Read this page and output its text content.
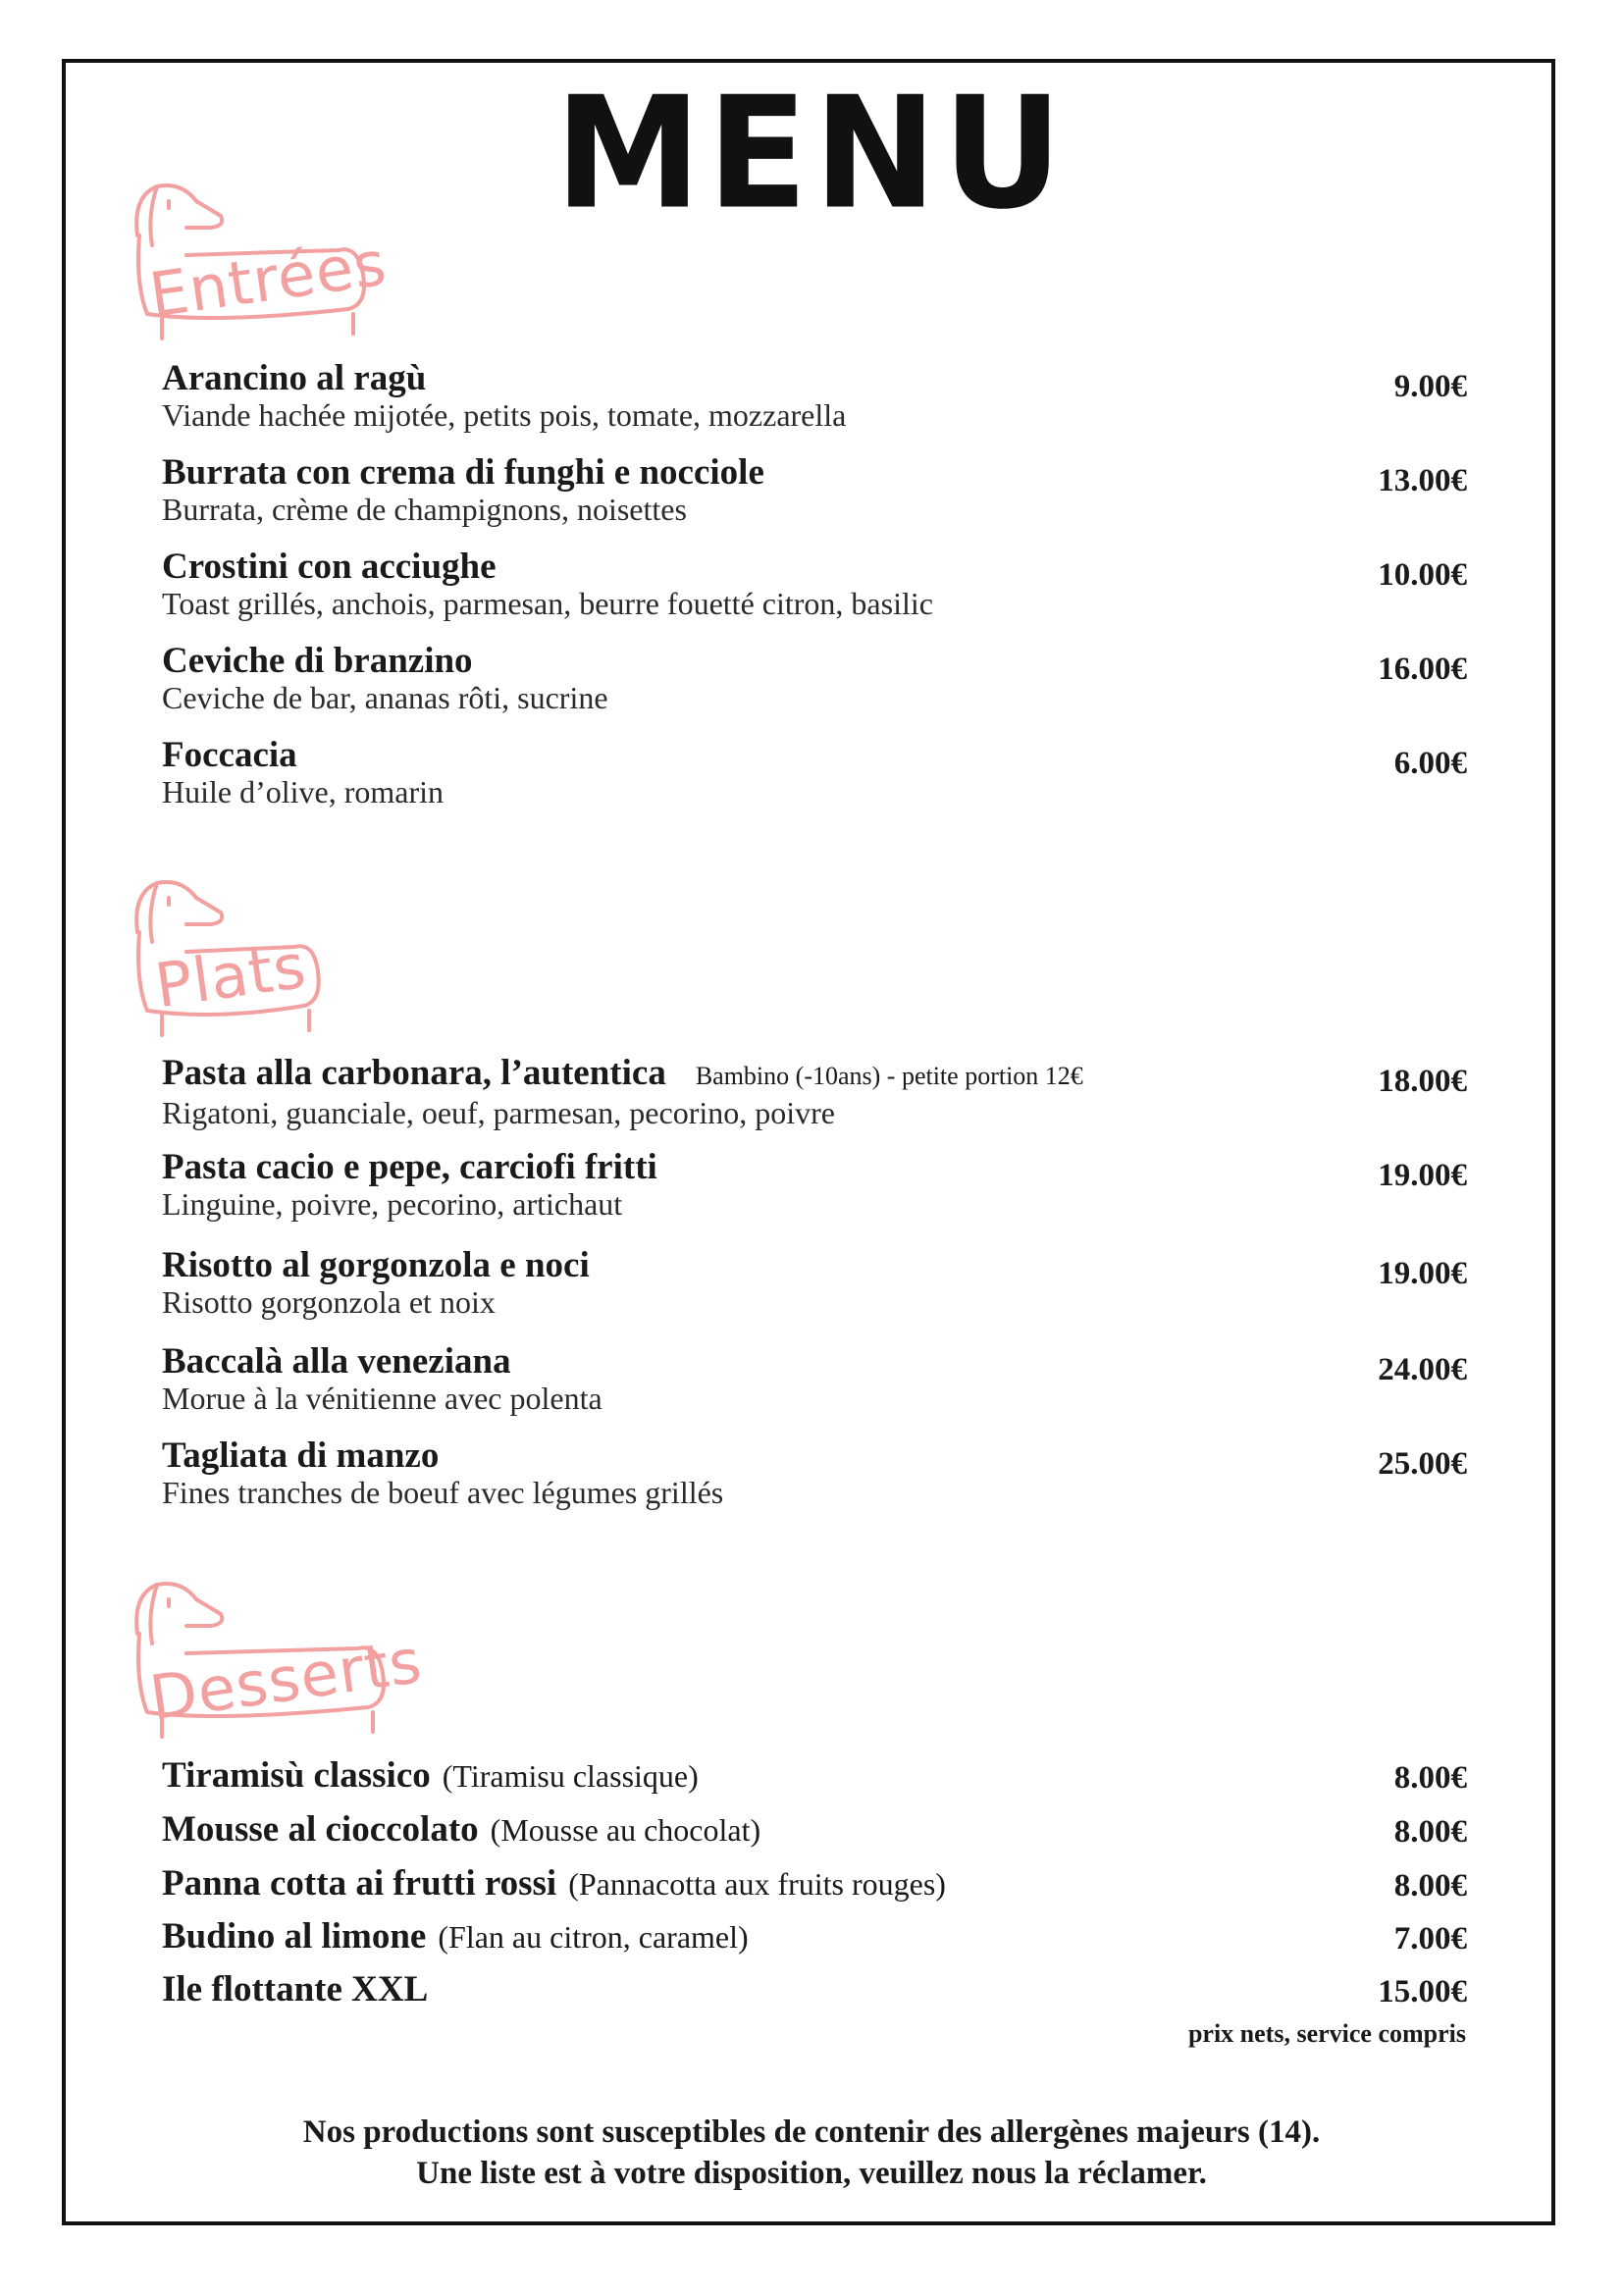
MENU
Entrées
Arancino al ragù
Viande hachée mijotée, petits pois, tomate, mozzarella
9.00€
Burrata con crema di funghi e nocciole
Burrata, crème de champignons, noisettes
13.00€
Crostini con acciughe
Toast grillés, anchois, parmesan, beurre fouetté citron, basilic
10.00€
Ceviche di branzino
Ceviche de bar, ananas rôti, sucrine
16.00€
Foccacia
Huile d’olive, romarin
6.00€
Plats
Pasta alla carbonara, l’autentica Bambino (-10ans) - petite portion 12€
Rigatoni, guanciale, oeuf, parmesan, pecorino, poivre
18.00€
Pasta cacio e pepe, carciofi fritti
Linguine, poivre, pecorino, artichaut
19.00€
Risotto al gorgonzola e noci
Risotto gorgonzola et noix
19.00€
Baccalà alla veneziana
Morue à la vénitienne avec polenta
24.00€
Tagliata di manzo
Fines tranches de boeuf avec légumes grillés
25.00€
Desserts
Tiramisù classico (Tiramisu classique)	8.00€
Mousse al cioccolato (Mousse au chocolat)	8.00€
Panna cotta ai frutti rossi (Pannacotta aux fruits rouges)	8.00€
Budino al limone (Flan au citron, caramel)	7.00€
Ile flottante XXL	15.00€
prix nets, service compris
Nos productions sont susceptibles de contenir des allergènes majeurs (14).
Une liste est à votre disposition, veuillez nous la réclamer.
